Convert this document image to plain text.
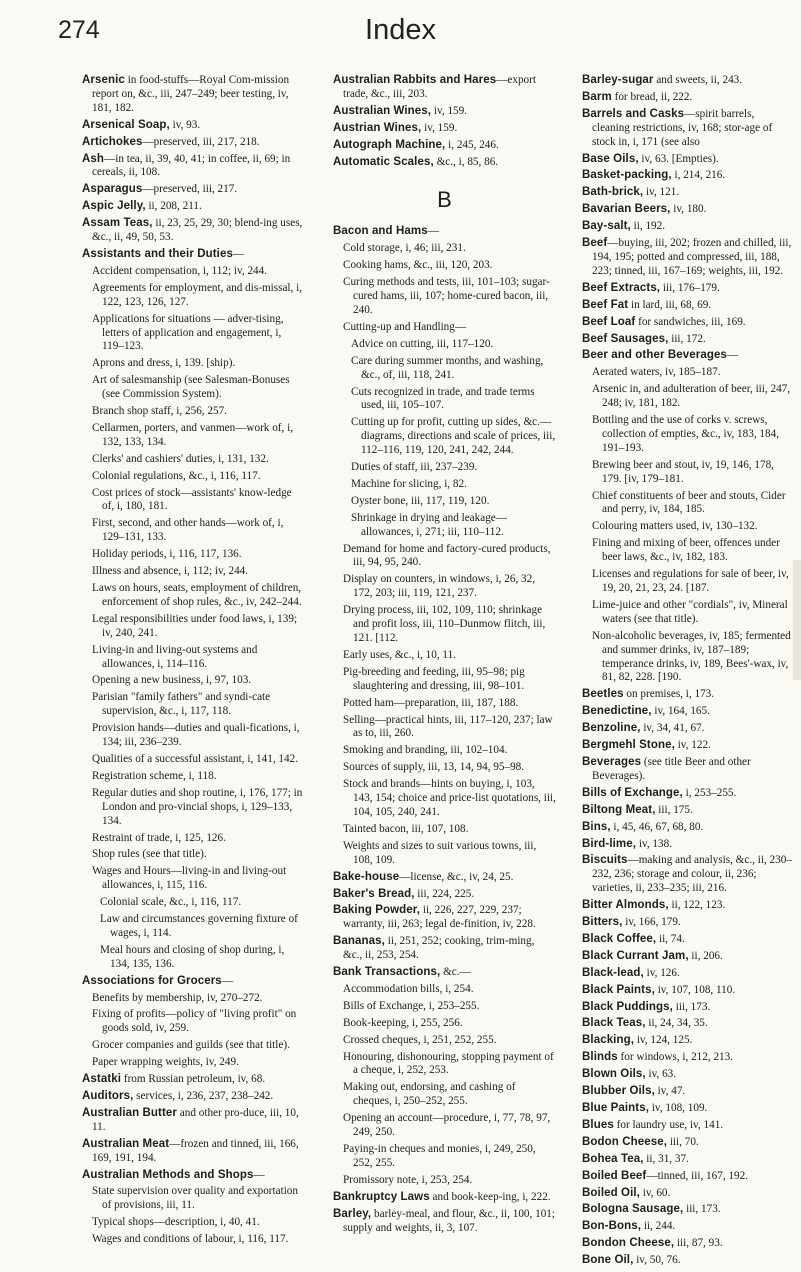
274	Index
Arsenic in food-stuffs—Royal Com-mission report on, &c., iii, 247–249; beer testing, iv, 181, 182.
Arsenical Soap, iv, 93.
Artichokes—preserved, iii, 217, 218.
Ash—in tea, ii, 39, 40, 41; in coffee, ii, 69; in cereals, ii, 108.
Asparagus—preserved, iii, 217.
Aspic Jelly, ii, 208, 211.
Assam Teas, ii, 23, 25, 29, 30; blend-ing uses, &c., ii, 49, 50, 53.
Assistants and their Duties—
Accident compensation, i, 112; iv, 244.
Agreements for employment, and dis-missal, i, 122, 123, 126, 127.
Applications for situations — adver-tising, letters of application and engagement, i, 119–123.
Aprons and dress, i, 139. [ship).
Art of salesmanship (see Salesman-Bonuses (see Commission System).
Branch shop staff, i, 256, 257.
Cellarmen, porters, and vanmen—work of, i, 132, 133, 134.
Clerks' and cashiers' duties, i, 131, 132.
Colonial regulations, &c., i, 116, 117.
Cost prices of stock—assistants' know-ledge of, i, 180, 181.
First, second, and other hands—work of, i, 129–131, 133.
Holiday periods, i, 116, 117, 136.
Illness and absence, i, 112; iv, 244.
Laws on hours, seats, employment of children, enforcement of shop rules, &c., iv, 242–244.
Legal responsibilities under food laws, i, 139; iv, 240, 241.
Living-in and living-out systems and allowances, i, 114–116.
Opening a new business, i, 97, 103.
Parisian "family fathers" and syndi-cate supervision, &c., i, 117, 118.
Provision hands—duties and quali-fications, i, 134; iii, 236–239.
Qualities of a successful assistant, i, 141, 142.
Registration scheme, i, 118.
Regular duties and shop routine, i, 176, 177; in London and pro-vincial shops, i, 129–133, 134.
Restraint of trade, i, 125, 126.
Shop rules (see that title).
Wages and Hours—living-in and living-out allowances, i, 115, 116.
Colonial scale, &c., i, 116, 117.
Law and circumstances governing fixture of wages, i, 114.
Meal hours and closing of shop during, i, 134, 135, 136.
Associations for Grocers—
Benefits by membership, iv, 270–272.
Fixing of profits—policy of "living profit" on goods sold, iv, 259.
Grocer companies and guilds (see that title).
Paper wrapping weights, iv, 249.
Astatki from Russian petroleum, iv, 68.
Auditors, services, i, 236, 237, 238–242.
Australian Butter and other pro-duce, iii, 10, 11.
Australian Meat—frozen and tinned, iii, 166, 169, 191, 194.
Australian Methods and Shops—
State supervision over quality and exportation of provisions, iii, 11.
Typical shops—description, i, 40, 41.
Wages and conditions of labour, i, 116, 117.
Australian Rabbits and Hares—export trade, &c., iii, 203.
Australian Wines, iv, 159.
Austrian Wines, iv, 159.
Autograph Machine, i, 245, 246.
Automatic Scales, &c., i, 85, 86.
B
Bacon and Hams—
Cold storage, i, 46; iii, 231.
Cooking hams, &c., iii, 120, 203.
Curing methods and tests, iii, 101–103; sugar-cured hams, iii, 107; home-cured bacon, iii, 240.
Cutting-up and Handling—
Advice on cutting, iii, 117–120.
Care during summer months, and washing, &c., of, iii, 118, 241.
Cuts recognized in trade, and trade terms used, iii, 105–107.
Cutting up for profit, cutting up sides, &c.—diagrams, directions and scale of prices, iii, 112–116, 119, 120, 241, 242, 244.
Duties of staff, iii, 237–239.
Machine for slicing, i, 82.
Oyster bone, iii, 117, 119, 120.
Shrinkage in drying and leakage—allowances, i, 271; iii, 110–112.
Demand for home and factory-cured products, iii, 94, 95, 240.
Display on counters, in windows, i, 26, 32, 172, 203; iii, 119, 121, 237.
Drying process, iii, 102, 109, 110; shrinkage and profit loss, iii, 110–Dunmow flitch, iii, 121. [112.
Early uses, &c., i, 10, 11.
Pig-breeding and feeding, iii, 95–98; pig slaughtering and dressing, iii, 98–101.
Potted ham—preparation, iii, 187, 188.
Selling—practical hints, iii, 117–120, 237; law as to, iii, 260.
Smoking and branding, iii, 102–104.
Sources of supply, iii, 13, 14, 94, 95–98.
Stock and brands—hints on buying, i, 103, 143, 154; choice and price-list quotations, iii, 104, 105, 240, 241.
Tainted bacon, iii, 107, 108.
Weights and sizes to suit various towns, iii, 108, 109.
Bake-house—license, &c., iv, 24, 25.
Baker's Bread, iii, 224, 225.
Baking Powder, ii, 226, 227, 229, 237; warranty, iii, 263; legal de-finition, iv, 228.
Bananas, ii, 251, 252; cooking, trim-ming, &c., ii, 253, 254.
Bank Transactions, &c.—
Accommodation bills, i, 254.
Bills of Exchange, i, 253–255.
Book-keeping, i, 255, 256.
Crossed cheques, i, 251, 252, 255.
Honouring, dishonouring, stopping payment of a cheque, i, 252, 253.
Making out, endorsing, and cashing of cheques, i, 250–252, 255.
Opening an account—procedure, i, 77, 78, 97, 249, 250.
Paying-in cheques and monies, i, 249, 250, 252, 255.
Promissory note, i, 253, 254.
Bankruptcy Laws and book-keep-ing, i, 222.
Barley, barley-meal, and flour, &c., ii, 100, 101; supply and weights, ii, 3, 107.
Barley-sugar and sweets, ii, 243.
Barm for bread, ii, 222.
Barrels and Casks—spirit barrels, cleaning restrictions, iv, 168; stor-age of stock in, i, 171 (see also
Base Oils, iv, 63. [Empties).
Basket-packing, i, 214, 216.
Bath-brick, iv, 121.
Bavarian Beers, iv, 180.
Bay-salt, ii, 192.
Beef—buying, iii, 202; frozen and chilled, iii, 194, 195; potted and compressed, iii, 188, 223; tinned, iii, 167–169; weights, iii, 192.
Beef Extracts, iii, 176–179.
Beef Fat in lard, iii, 68, 69.
Beef Loaf for sandwiches, iii, 169.
Beef Sausages, iii, 172.
Beer and other Beverages—
Aerated waters, iv, 185–187.
Arsenic in, and adulteration of beer, iii, 247, 248; iv, 181, 182.
Bottling and the use of corks v. screws, collection of empties, &c., iv, 183, 184, 191–193.
Brewing beer and stout, iv, 19, 146, 178, 179. [iv, 179–181.
Chief constituents of beer and stouts, Cider and perry, iv, 184, 185.
Colouring matters used, iv, 130–132.
Fining and mixing of beer, offences under beer laws, &c., iv, 182, 183.
Licenses and regulations for sale of beer, iv, 19, 20, 21, 23, 24. [187.
Lime-juice and other "cordials", iv, Mineral waters (see that title).
Non-alcoholic beverages, iv, 185; fermented and summer drinks, iv, 187–189; temperance drinks, iv, 189, Bees'-wax, iv, 81, 82, 228. [190.
Beetles on premises, i, 173.
Benedictine, iv, 164, 165.
Benzoline, iv, 34, 41, 67.
Bergmehl Stone, iv, 122.
Beverages (see title Beer and other Beverages).
Bills of Exchange, i, 253–255.
Biltong Meat, iii, 175.
Bins, i, 45, 46, 67, 68, 80.
Bird-lime, iv, 138.
Biscuits—making and analysis, &c., ii, 230–232, 236; storage and colour, ii, 236; varieties, ii, 233–235; iii, 216.
Bitter Almonds, ii, 122, 123.
Bitters, iv, 166, 179.
Black Coffee, ii, 74.
Black Currant Jam, ii, 206.
Black-lead, iv, 126.
Black Paints, iv, 107, 108, 110.
Black Puddings, iii, 173.
Black Teas, ii, 24, 34, 35.
Blacking, iv, 124, 125.
Blinds for windows, i, 212, 213.
Blown Oils, iv, 63.
Blubber Oils, iv, 47.
Blue Paints, iv, 108, 109.
Blues for laundry use, iv, 141.
Bodon Cheese, iii, 70.
Bohea Tea, ii, 31, 37.
Boiled Beef—tinned, iii, 167, 192.
Boiled Oil, iv, 60.
Bologna Sausage, iii, 173.
Bon-Bons, ii, 244.
Bondon Cheese, iii, 87, 93.
Bone Oil, iv, 50, 76.
